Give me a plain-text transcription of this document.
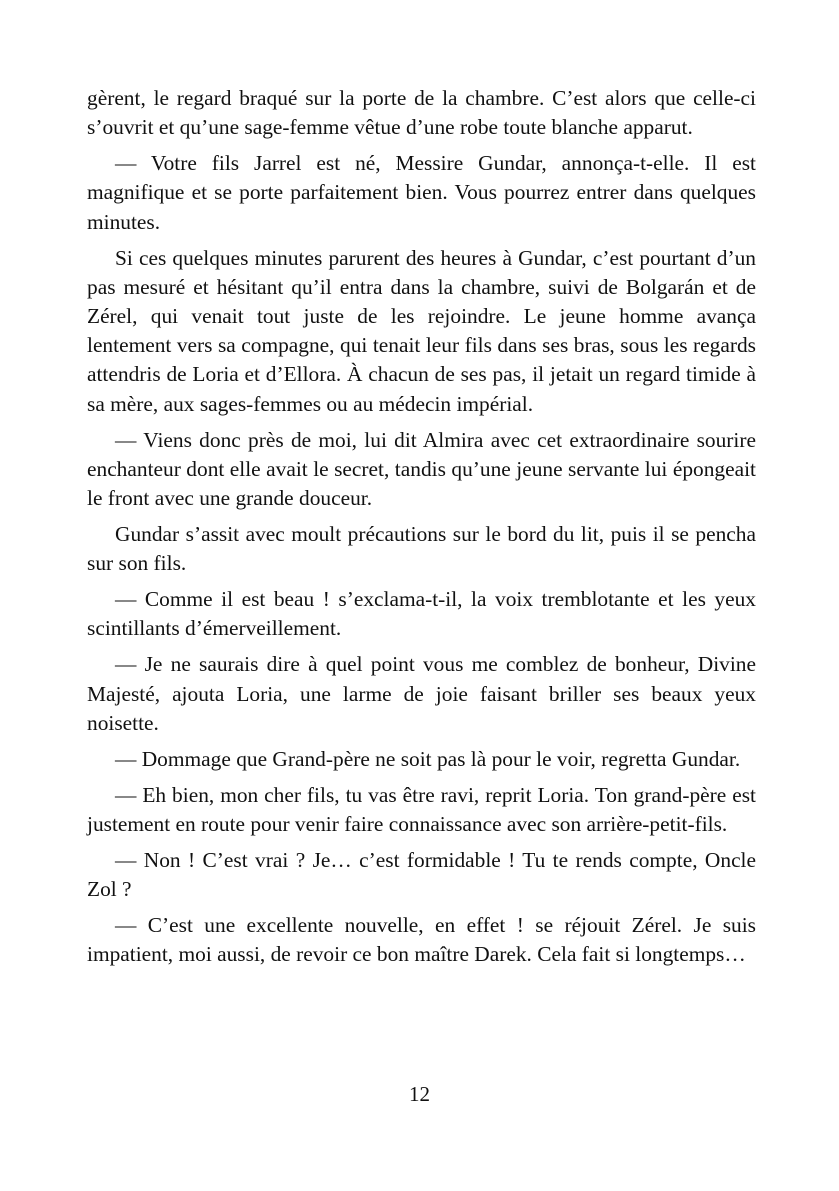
gèrent, le regard braqué sur la porte de la chambre. C’est alors que celle-ci s’ouvrit et qu’une sage-femme vêtue d’une robe toute blanche apparut.

— Votre fils Jarrel est né, Messire Gundar, annonça-t-elle. Il est magnifique et se porte parfaitement bien. Vous pourrez entrer dans quelques minutes.

Si ces quelques minutes parurent des heures à Gundar, c’est pourtant d’un pas mesuré et hésitant qu’il entra dans la chambre, suivi de Bolgarán et de Zérel, qui venait tout juste de les rejoindre. Le jeune homme avança lentement vers sa compagne, qui tenait leur fils dans ses bras, sous les regards attendris de Loria et d’Ellora. À chacun de ses pas, il jetait un regard timide à sa mère, aux sages-femmes ou au médecin impérial.

— Viens donc près de moi, lui dit Almira avec cet extraordinaire sourire enchanteur dont elle avait le secret, tandis qu’une jeune servante lui épongeait le front avec une grande douceur.

Gundar s’assit avec moult précautions sur le bord du lit, puis il se pencha sur son fils.

— Comme il est beau ! s’exclama-t-il, la voix tremblotante et les yeux scintillants d’émerveillement.

— Je ne saurais dire à quel point vous me comblez de bonheur, Divine Majesté, ajouta Loria, une larme de joie faisant briller ses beaux yeux noisette.

— Dommage que Grand-père ne soit pas là pour le voir, regretta Gundar.

— Eh bien, mon cher fils, tu vas être ravi, reprit Loria. Ton grand-père est justement en route pour venir faire connaissance avec son arrière-petit-fils.

— Non ! C’est vrai ? Je… c’est formidable ! Tu te rends compte, Oncle Zol ?

— C’est une excellente nouvelle, en effet ! se réjouit Zérel. Je suis impatient, moi aussi, de revoir ce bon maître Darek. Cela fait si longtemps…

12
